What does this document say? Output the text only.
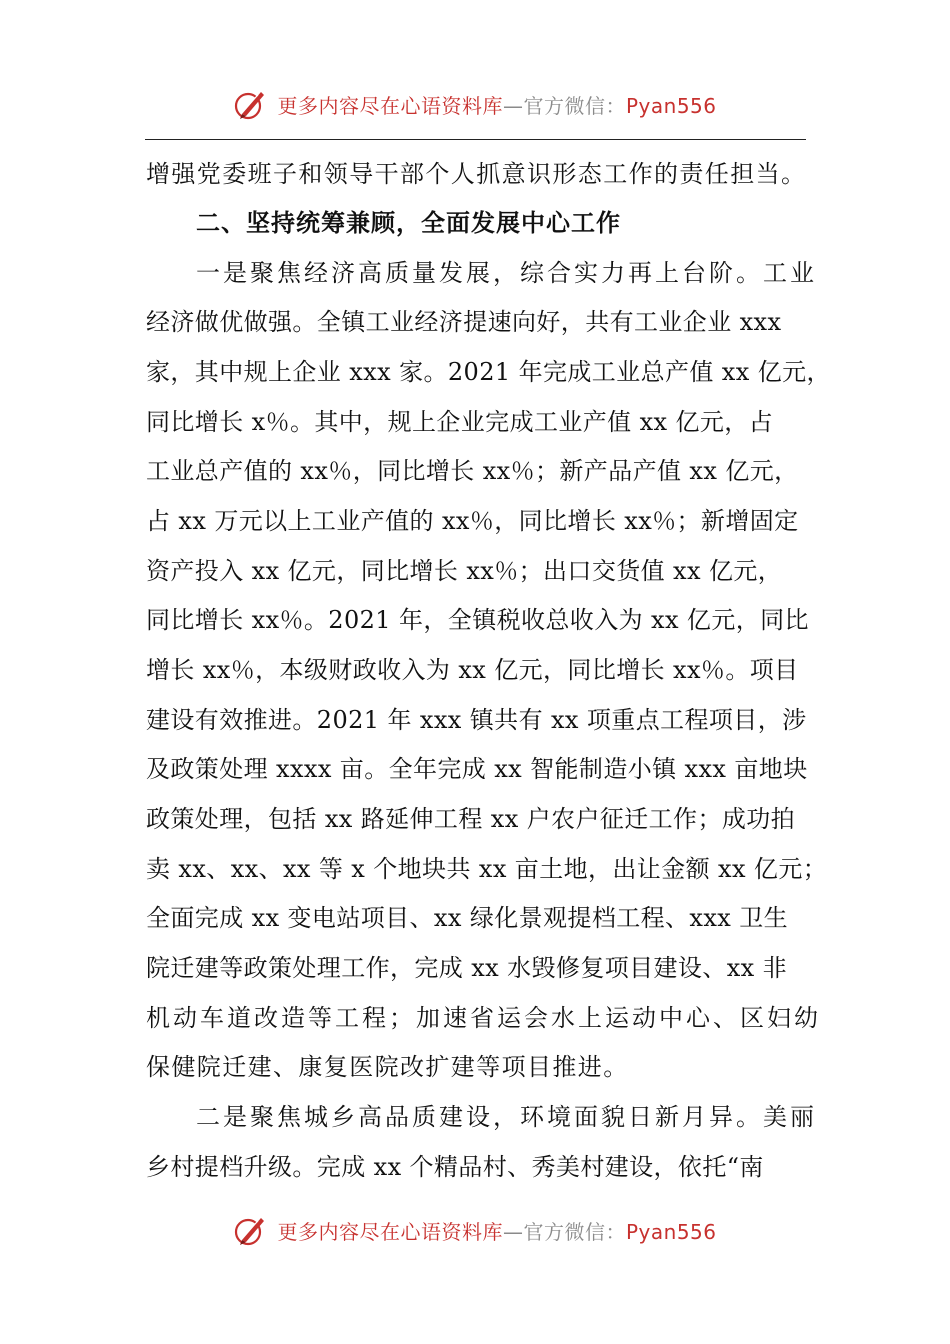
更多内容尽在心语资料库—官方微信：Pyan556
增强党委班子和领导干部个人抓意识形态工作的责任担当。
二、坚持统筹兼顾，全面发展中心工作
一是聚焦经济高质量发展，综合实力再上台阶。工业
经济做优做强。全镇工业经济提速向好，共有工业企业 xxx
家，其中规上企业 xxx 家。2021 年完成工业总产值 xx 亿元，
同比增长 x％。其中，规上企业完成工业产值 xx 亿元，占
工业总产值的 xx％，同比增长 xx％；新产品产值 xx 亿元，
占 xx 万元以上工业产值的 xx％，同比增长 xx％；新增固定
资产投入 xx 亿元，同比增长 xx％；出口交货值 xx 亿元，
同比增长 xx％。2021 年，全镇税收总收入为 xx 亿元，同比
增长 xx％，本级财政收入为 xx 亿元，同比增长 xx％。项目
建设有效推进。2021 年 xxx 镇共有 xx 项重点工程项目，涉
及政策处理 xxxx 亩。全年完成 xx 智能制造小镇 xxx 亩地块
政策处理，包括 xx 路延伸工程 xx 户农户征迁工作；成功拍
卖 xx、xx、xx 等 x 个地块共 xx 亩土地，出让金额 xx 亿元；
全面完成 xx 变电站项目、xx 绿化景观提档工程、xxx 卫生
院迁建等政策处理工作，完成 xx 水毁修复项目建设、xx 非
机动车道改造等工程；加速省运会水上运动中心、区妇幼
保健院迁建、康复医院改扩建等项目推进。
二是聚焦城乡高品质建设，环境面貌日新月异。美丽
乡村提档升级。完成 xx 个精品村、秀美村建设，依托“南
更多内容尽在心语资料库—官方微信：Pyan556
